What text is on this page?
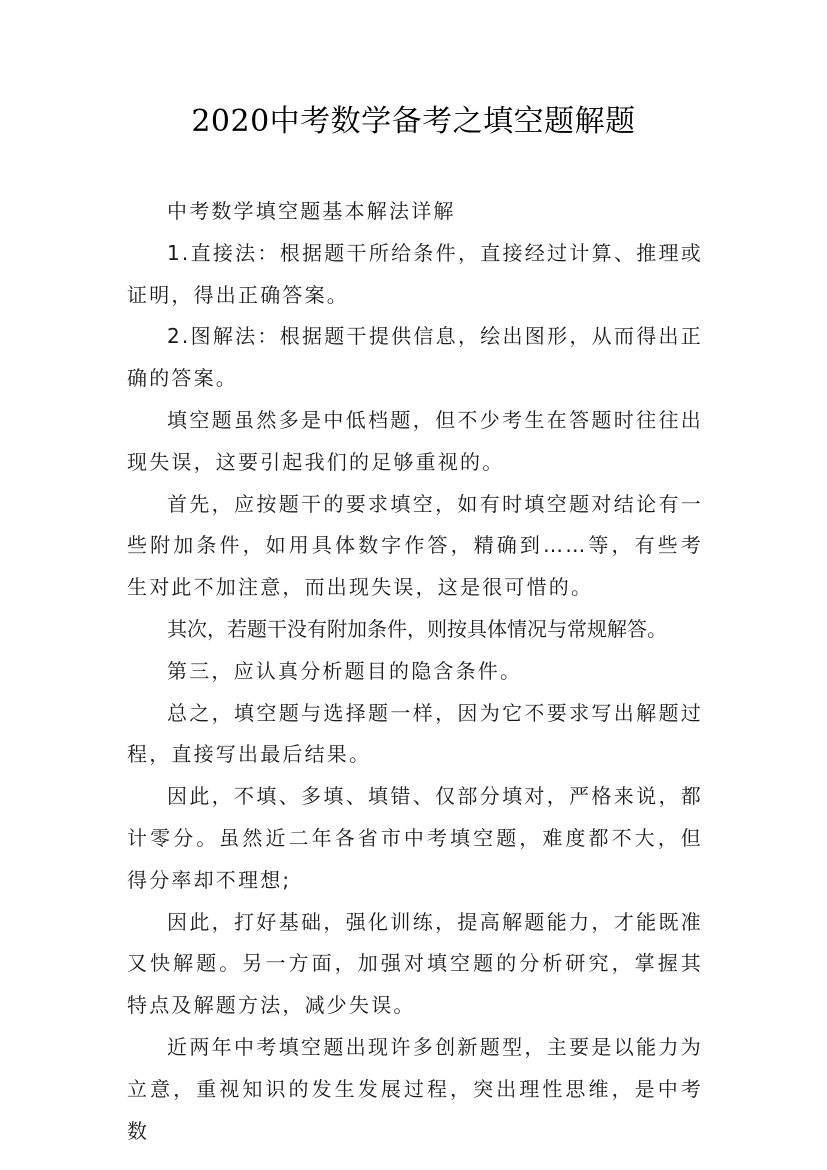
2020中考数学备考之填空题解题

中考数学填空题基本解法详解

1.直接法：根据题干所给条件，直接经过计算、推理或证明，得出正确答案。

2.图解法：根据题干提供信息，绘出图形，从而得出正确的答案。

填空题虽然多是中低档题，但不少考生在答题时往往出现失误，这要引起我们的足够重视的。

首先，应按题干的要求填空，如有时填空题对结论有一些附加条件，如用具体数字作答，精确到……等，有些考生对此不加注意，而出现失误，这是很可惜的。

其次，若题干没有附加条件，则按具体情况与常规解答。

第三，应认真分析题目的隐含条件。

总之，填空题与选择题一样，因为它不要求写出解题过程，直接写出最后结果。

因此，不填、多填、填错、仅部分填对，严格来说，都计零分。虽然近二年各省市中考填空题，难度都不大，但得分率却不理想;

因此，打好基础，强化训练，提高解题能力，才能既准又快解题。另一方面，加强对填空题的分析研究，掌握其特点及解题方法，减少失误。

近两年中考填空题出现许多创新题型，主要是以能力为立意，重视知识的发生发展过程，突出理性思维，是中考数
